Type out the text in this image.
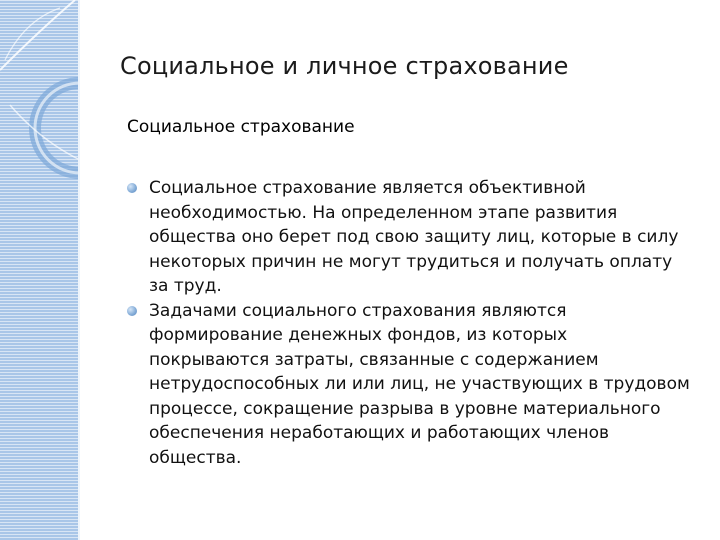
Социальное и личное страхование
Социальное страхование
Социальное страхование является объективной необходимостью. На определенном этапе развития общества оно берет под свою защиту лиц, которые в силу некоторых причин не могут трудиться и получать оплату за труд.
Задачами социального страхования являются формирование денежных фондов, из которых покрываются затраты, связанные с содержанием нетрудоспособных ли или лиц, не участвующих в трудовом процессе, сокращение разрыва в уровне материального обеспечения неработающих и работающих членов общества.
